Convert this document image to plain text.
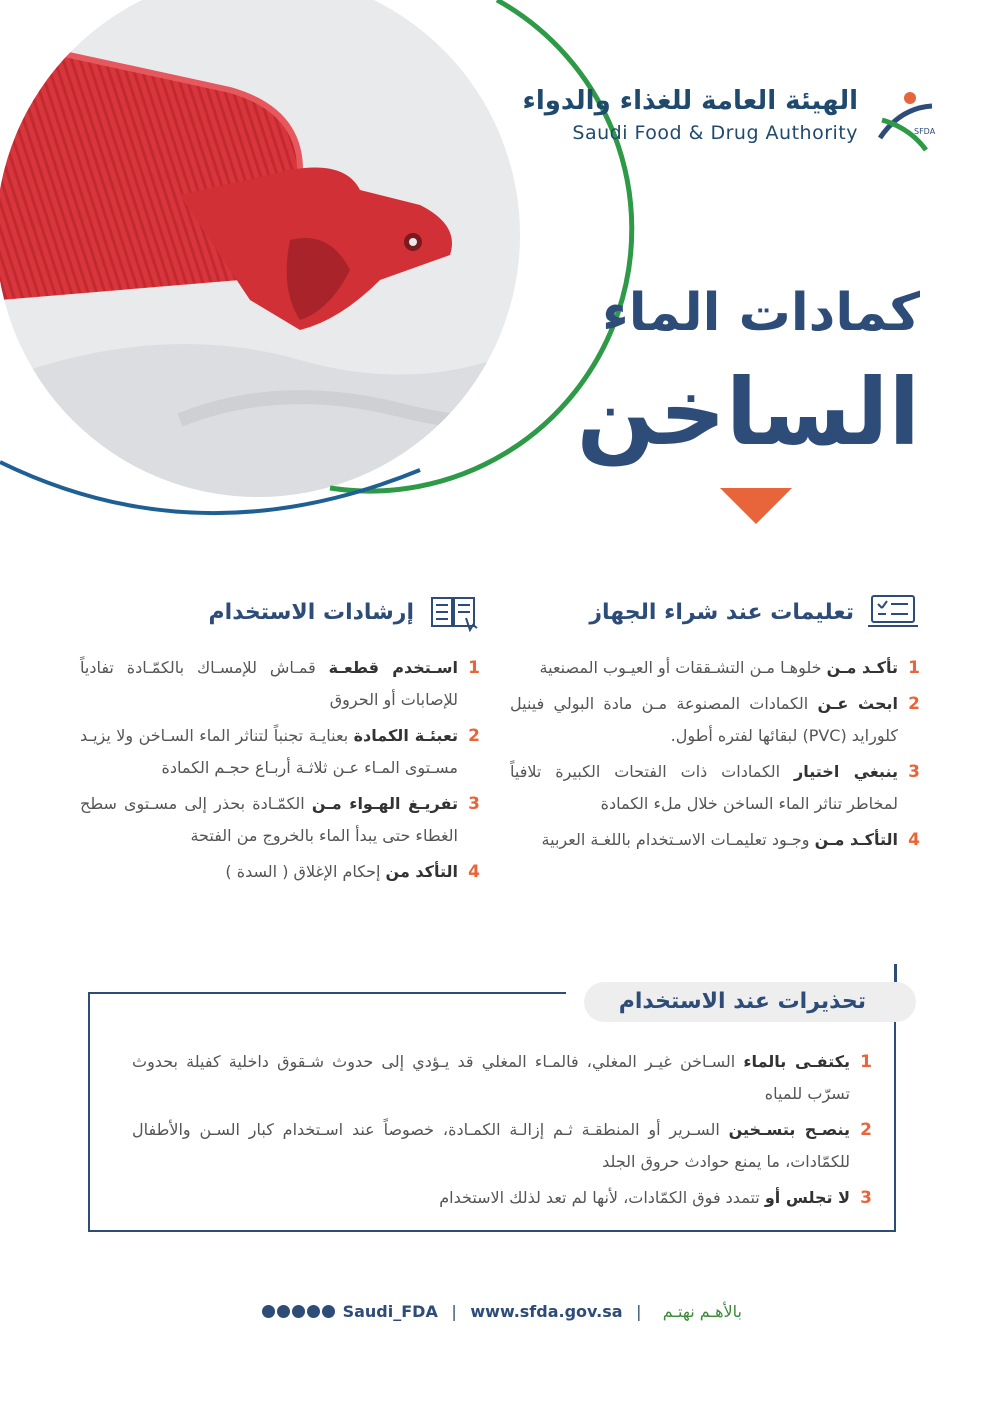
الهيئة العامة للغذاء والدواء
Saudi Food & Drug Authority	SFDA
كمادات الماء
الساخن
تعليمات عند شراء الجهاز
1
تأكـد مـن خلوهـا مـن التشـققات أو العيـوب المصنعية
2
ابحث عـن الكمادات المصنوعة مـن مادة البولي فينيل كلورايد (PVC) لبقائها لفتره أطول.
3
ينبغي اختيار الكمادات ذات الفتحات الكبيرة تلافياً لمخاطر تناثر الماء الساخن خلال ملء الكمادة
4
التأكـد مـن وجـود تعليمـات الاسـتخدام باللغـة العربية
إرشادات الاستخدام
1
اسـتخدم قطعـة قمـاش للإمسـاك بالكمّـادة تفادياً للإصابات أو الحروق
2
تعبئـة الكمادة بعنايـة تجنباً لتناثر الماء السـاخن ولا يزيـد مسـتوى المـاء عـن ثلاثـة أربـاع حجـم الكمادة
3
تفريـغ الهـواء مـن الكمّـادة بحذر إلى مسـتوى سطح الغطاء حتى يبدأ الماء بالخروج من الفتحة
4
التأكد من إحكام الإغلاق ( السدة )
تحذيرات عند الاستخدام
1
يكتفـى بالماء السـاخن غيـر المغلي، فالمـاء المغلي قد يـؤدي إلى حدوث شـقوق داخلية كفيلة بحدوث تسرّب للمياه
2
ينصـح بتسـخين السـرير أو المنطقـة ثـم إزالـة الكمـادة، خصوصاً عند اسـتخدام كبار السـن والأطفال للكمّادات، ما يمنع حوادث حروق الجلد
3
لا تجلس أو تتمدد فوق الكمّادات، لأنها لم تعد لذلك الاستخدام
Saudi_FDA | www.sfda.gov.sa |	بالأهـم نهتـم
